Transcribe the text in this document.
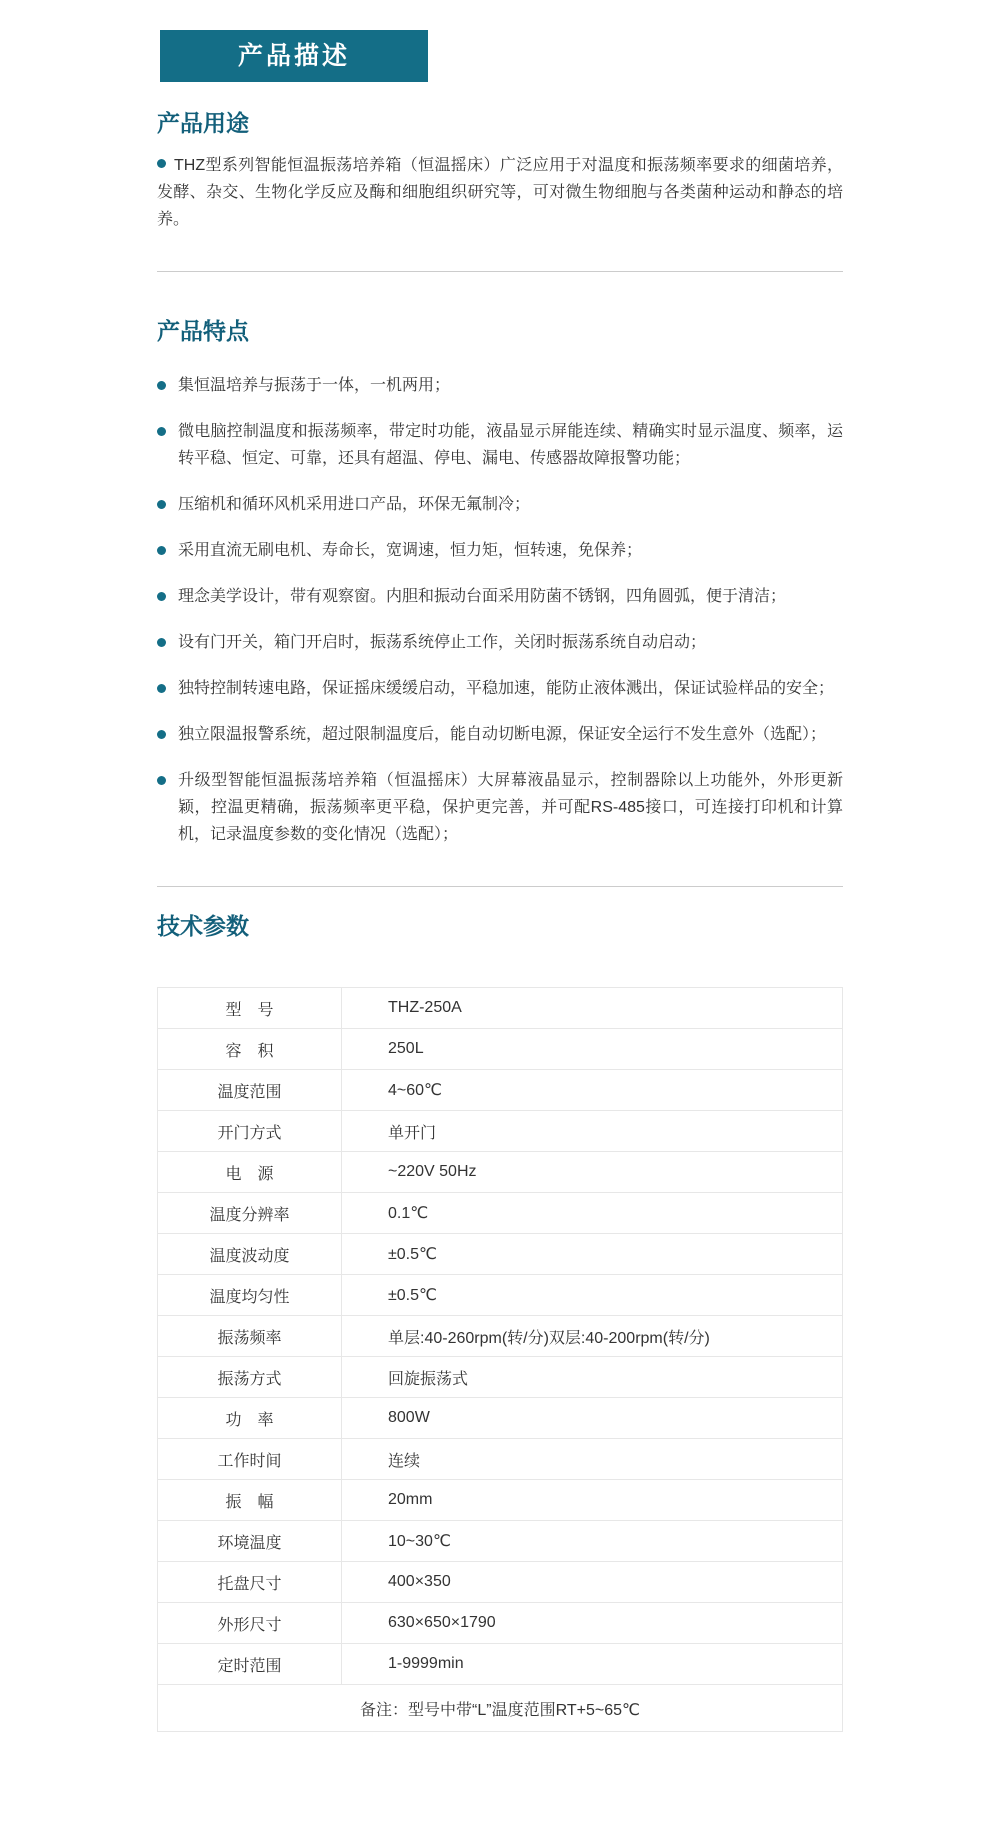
产品描述
产品用途

THZ型系列智能恒温振荡培养箱（恒温摇床）广泛应用于对温度和振荡频率要求的细菌培养，发酵、杂交、生物化学反应及酶和细胞组织研究等，可对微生物细胞与各类菌种运动和静态的培养。

产品特点
集恒温培养与振荡于一体，一机两用；
微电脑控制温度和振荡频率，带定时功能，液晶显示屏能连续、精确实时显示温度、频率，运转平稳、恒定、可靠，还具有超温、停电、漏电、传感器故障报警功能；
压缩机和循环风机采用进口产品，环保无氟制冷；
采用直流无刷电机、寿命长，宽调速，恒力矩，恒转速，免保养；
理念美学设计，带有观察窗。内胆和振动台面采用防菌不锈钢，四角圆弧，便于清洁；
设有门开关，箱门开启时，振荡系统停止工作，关闭时振荡系统自动启动；
独特控制转速电路，保证摇床缓缓启动，平稳加速，能防止液体溅出，保证试验样品的安全；
独立限温报警系统，超过限制温度后，能自动切断电源，保证安全运行不发生意外（选配）；
升级型智能恒温振荡培养箱（恒温摇床）大屏幕液晶显示，控制器除以上功能外，外形更新颖，控温更精确，振荡频率更平稳，保护更完善，并可配RS-485接口，可连接打印机和计算机，记录温度参数的变化情况（选配）；
技术参数
型　号	THZ-250A
容　积	250L
温度范围	4~60℃
开门方式	单开门
电　源	~220V 50Hz
温度分辨率	0.1℃
温度波动度	±0.5℃
温度均匀性	±0.5℃
振荡频率	单层:40-260rpm(转/分)双层:40-200rpm(转/分)
振荡方式	回旋振荡式
功　率	800W
工作时间	连续
振　幅	20mm
环境温度	10~30℃
托盘尺寸	400×350
外形尺寸	630×650×1790
定时范围	1-9999min
备注：型号中带“L”温度范围RT+5~65℃	
